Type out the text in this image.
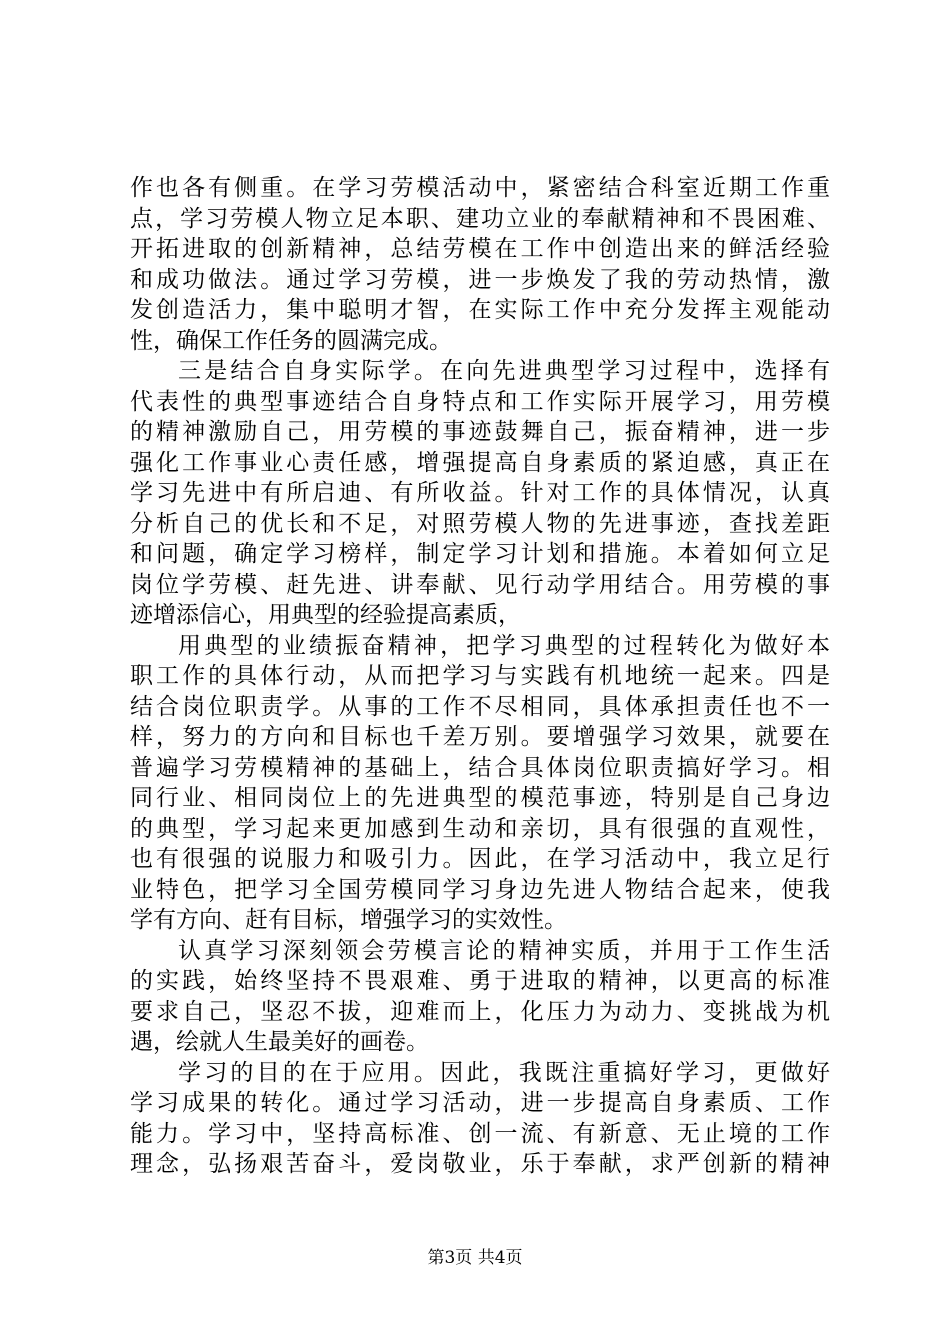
作也各有侧重。在学习劳模活动中，紧密结合科室近期工作重
点，学习劳模人物立足本职、建功立业的奉献精神和不畏困难、
开拓进取的创新精神，总结劳模在工作中创造出来的鲜活经验
和成功做法。通过学习劳模，进一步焕发了我的劳动热情，激
发创造活力，集中聪明才智，在实际工作中充分发挥主观能动
性，确保工作任务的圆满完成。
三是结合自身实际学。在向先进典型学习过程中，选择有
代表性的典型事迹结合自身特点和工作实际开展学习，用劳模
的精神激励自己，用劳模的事迹鼓舞自己，振奋精神，进一步
强化工作事业心责任感，增强提高自身素质的紧迫感，真正在
学习先进中有所启迪、有所收益。针对工作的具体情况，认真
分析自己的优长和不足，对照劳模人物的先进事迹，查找差距
和问题，确定学习榜样，制定学习计划和措施。本着如何立足
岗位学劳模、赶先进、讲奉献、见行动学用结合。用劳模的事
迹增添信心，用典型的经验提高素质，
用典型的业绩振奋精神，把学习典型的过程转化为做好本
职工作的具体行动，从而把学习与实践有机地统一起来。四是
结合岗位职责学。从事的工作不尽相同，具体承担责任也不一
样，努力的方向和目标也千差万别。要增强学习效果，就要在
普遍学习劳模精神的基础上，结合具体岗位职责搞好学习。相
同行业、相同岗位上的先进典型的模范事迹，特别是自己身边
的典型，学习起来更加感到生动和亲切，具有很强的直观性，
也有很强的说服力和吸引力。因此，在学习活动中，我立足行
业特色，把学习全国劳模同学习身边先进人物结合起来，使我
学有方向、赶有目标，增强学习的实效性。
认真学习深刻领会劳模言论的精神实质，并用于工作生活
的实践，始终坚持不畏艰难、勇于进取的精神，以更高的标准
要求自己，坚忍不拔，迎难而上，化压力为动力、变挑战为机
遇，绘就人生最美好的画卷。
学习的目的在于应用。因此，我既注重搞好学习，更做好
学习成果的转化。通过学习活动，进一步提高自身素质、工作
能力。学习中，坚持高标准、创一流、有新意、无止境的工作
理念，弘扬艰苦奋斗，爱岗敬业，乐于奉献，求严创新的精神
第3页 共4页
